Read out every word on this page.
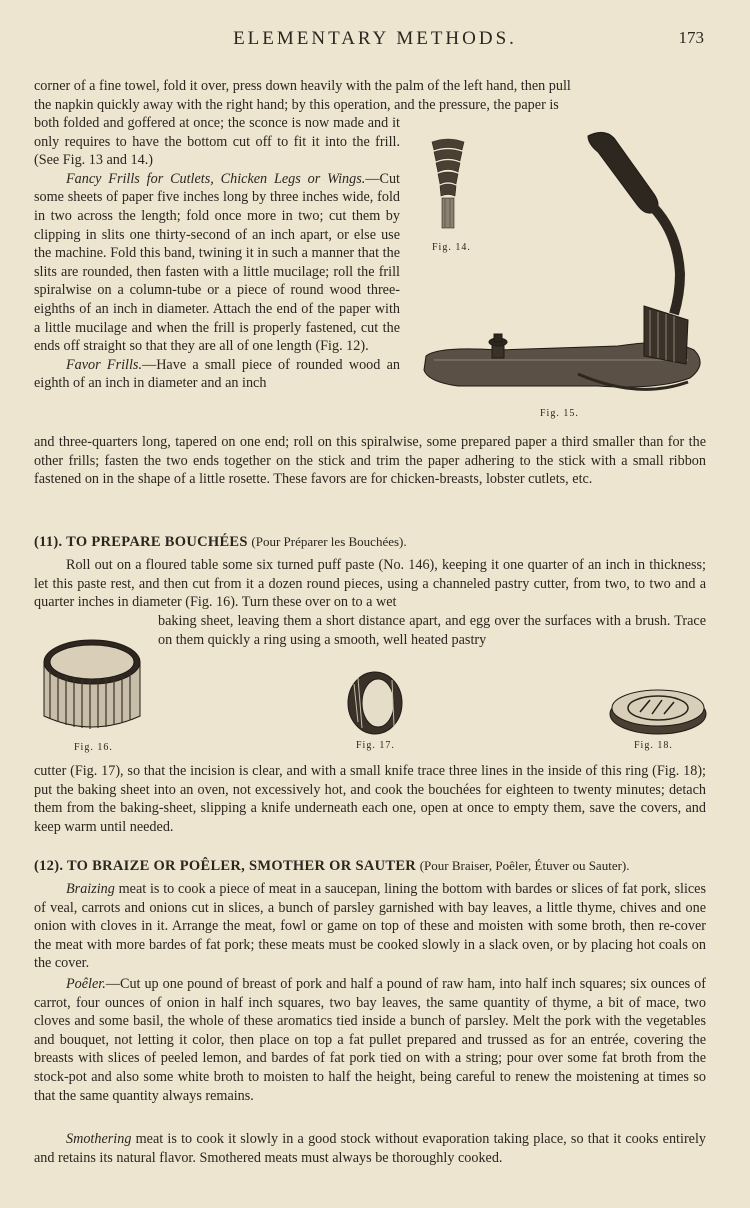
ELEMENTARY METHODS.	173

corner of a fine towel, fold it over, press down heavily with the palm of the left hand, then pull

the napkin quickly away with the right hand; by this operation, and the pressure, the paper is

both folded and goffered at once; the sconce is now made and it only requires to have the bottom cut off to fit it into the frill. (See Fig. 13 and 14.)

Fancy Frills for Cutlets, Chicken Legs or Wings.—Cut some sheets of paper five inches long by three inches wide, fold in two across the length; fold once more in two; cut them by clipping in slits one thirty-second of an inch apart, or else use the machine. Fold this band, twining it in such a manner that the slits are rounded, then fasten with a little mucilage; roll the frill spiralwise on a column-tube or a piece of round wood three-eighths of an inch in diameter. Attach the end of the paper with a little mucilage and when the frill is properly fastened, cut the ends off straight so that they are all of one length (Fig. 12).

Favor Frills.—Have a small piece of rounded wood an eighth of an inch in diameter and an inch

Fig. 14.
Fig. 15.

and three-quarters long, tapered on one end; roll on this spiralwise, some prepared paper a third smaller than for the other frills; fasten the two ends together on the stick and trim the paper adhering to the stick with a small ribbon fastened on in the shape of a little rosette. These favors are for chicken-breasts, lobster cutlets, etc.

(11). TO PREPARE BOUCHÉES (Pour Préparer les Bouchées).

Roll out on a floured table some six turned puff paste (No. 146), keeping it one quarter of an inch in thickness; let this paste rest, and then cut from it a dozen round pieces, using a channeled pastry cutter, from two, to two and a quarter inches in diameter (Fig. 16). Turn these over on to a wet

baking sheet, leaving them a short distance apart, and egg over the surfaces with a brush. Trace on them quickly a ring using a smooth, well heated pastry

Fig. 16.	Fig. 17.	Fig. 18.

cutter (Fig. 17), so that the incision is clear, and with a small knife trace three lines in the inside of this ring (Fig. 18); put the baking sheet into an oven, not excessively hot, and cook the bouchées for eighteen to twenty minutes; detach them from the baking-sheet, slipping a knife underneath each one, open at once to empty them, save the covers, and keep warm until needed.

(12). TO BRAIZE OR POÊLER, SMOTHER OR SAUTER (Pour Braiser, Poêler, Étuver ou Sauter).

Braizing meat is to cook a piece of meat in a saucepan, lining the bottom with bardes or slices of fat pork, slices of veal, carrots and onions cut in slices, a bunch of parsley garnished with bay leaves, a little thyme, chives and one onion with cloves in it. Arrange the meat, fowl or game on top of these and moisten with some broth, then re-cover the meat with more bardes of fat pork; these meats must be cooked slowly in a slack oven, or by placing hot coals on the cover.

Poêler.—Cut up one pound of breast of pork and half a pound of raw ham, into half inch squares; six ounces of carrot, four ounces of onion in half inch squares, two bay leaves, the same quantity of thyme, a bit of mace, two cloves and some basil, the whole of these aromatics tied inside a bunch of parsley. Melt the pork with the vegetables and bouquet, not letting it color, then place on top a fat pullet prepared and trussed as for an entrée, covering the breasts with slices of peeled lemon, and bardes of fat pork tied on with a string; pour over some fat broth from the stock-pot and also some white broth to moisten to half the height, being careful to renew the moistening at times so that the same quantity always remains.

Smothering meat is to cook it slowly in a good stock without evaporation taking place, so that it cooks entirely and retains its natural flavor. Smothered meats must always be thoroughly cooked.
